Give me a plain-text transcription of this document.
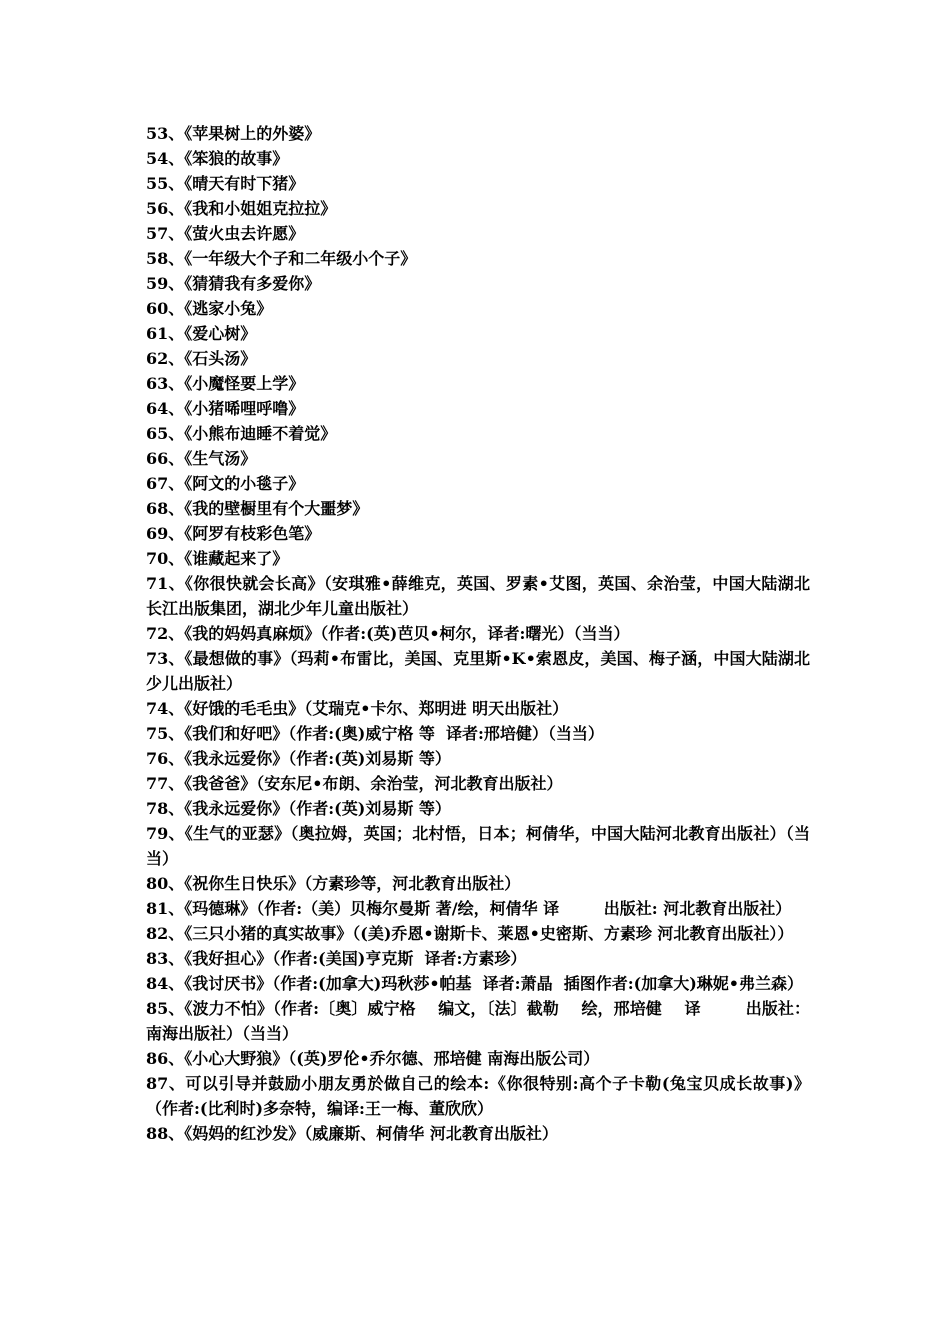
53、《苹果树上的外婆》
54、《笨狼的故事》
55、《晴天有时下猪》
56、《我和小姐姐克拉拉》
57、《萤火虫去许愿》
58、《一年级大个子和二年级小个子》
59、《猜猜我有多爱你》
60、《逃家小兔》
61、《爱心树》
62、《石头汤》
63、《小魔怪要上学》
64、《小猪唏哩呼噜》
65、《小熊布迪睡不着觉》
66、《生气汤》
67、《阿文的小毯子》
68、《我的壁橱里有个大噩梦》
69、《阿罗有枝彩色笔》
70、《谁藏起来了》
71、《你很快就会长高》（安琪雅•薛维克，英国、罗素•艾图，英国、余治莹，中国大陆湖北长江出版集团，湖北少年儿童出版社）
72、《我的妈妈真麻烦》（作者:(英)芭贝•柯尔，译者:曙光）（当当）
73、《最想做的事》（玛莉•布雷比，美国、克里斯•K•索恩皮，美国、梅子涵，中国大陆湖北少儿出版社）
74、《好饿的毛毛虫》（艾瑞克•卡尔、郑明进 明天出版社）
75、《我们和好吧》（作者:(奥)威宁格 等  译者:邢培健）（当当）
76、《我永远爱你》（作者:(英)刘易斯 等）
77、《我爸爸》（安东尼•布朗、余治莹，河北教育出版社）
78、《我永远爱你》（作者:(英)刘易斯 等）
79、《生气的亚瑟》（奥拉姆，英国；北村悟，日本；柯倩华，中国大陆河北教育出版社）（当当）
80、《祝你生日快乐》（方素珍等，河北教育出版社）
81、《玛德琳》（作者:（美）贝梅尔曼斯 著/绘，柯倩华 译        出版社: 河北教育出版社）
82、《三只小猪的真实故事》（(美)乔恩•谢斯卡、莱恩•史密斯、方素珍 河北教育出版社））
83、《我好担心》（作者:(美国)亨克斯  译者:方素珍）
84、《我讨厌书》（作者:(加拿大)玛秋莎•帕基  译者:萧晶  插图作者:(加拿大)琳妮•弗兰森）
85、《波力不怕》（作者:〔奥〕威宁格    编文，〔法〕截勒    绘，邢培健    译        出版社：南海出版社）（当当）
86、《小心大野狼》（(英)罗伦•乔尔德、邢培健 南海出版公司）
87、可以引导并鼓励小朋友勇於做自己的绘本:《你很特别:高个子卡勒(兔宝贝成长故事)》（作者:(比利时)多奈特，编译:王一梅、董欣欣）
88、《妈妈的红沙发》（威廉斯、柯倩华 河北教育出版社）
